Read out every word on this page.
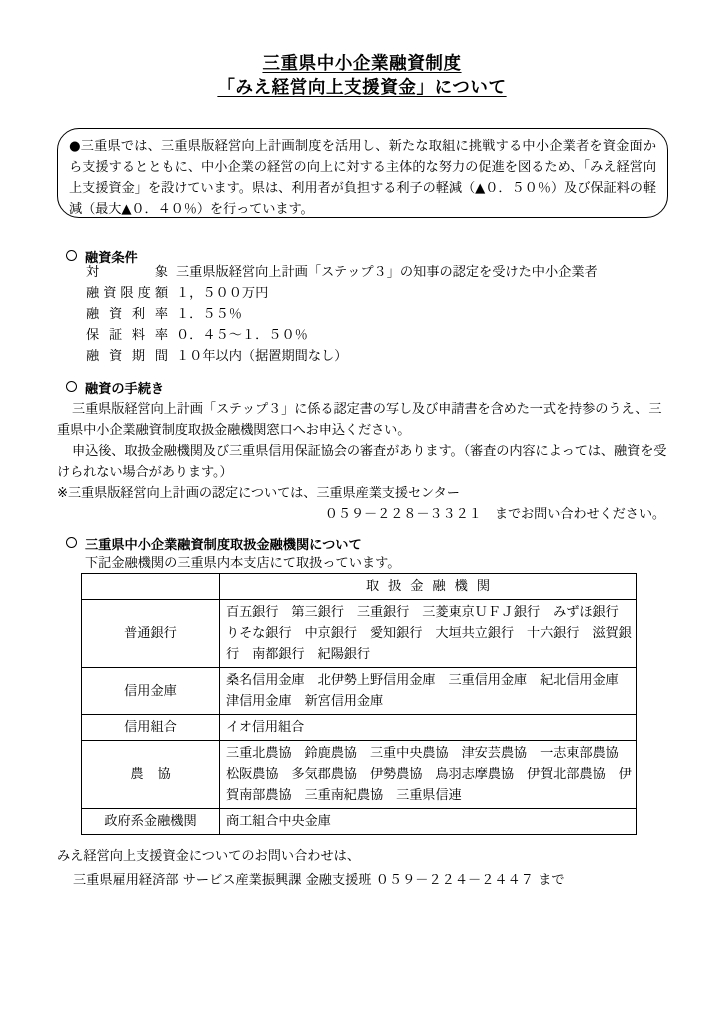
三重県中小企業融資制度
「みえ経営向上支援資金」について

●三重県では、三重県版経営向上計画制度を活用し、新たな取組に挑戦する中小企業者を資金面から支援するとともに、中小企業の経営の向上に対する主体的な努力の促進を図るため、「みえ経営向上支援資金」を設けています。県は、利用者が負担する利子の軽減（▲０．５０％）及び保証料の軽減（最大▲０．４０％）を行っています。

融資条件
対	象 三重県版経営向上計画「ステップ３」の知事の認定を受けた中小企業者
融 資 限 度 額 １，５００万円
融 資 利 率 １．５５％
保 証 料 率 ０．４５～１．５０％
融 資 期 間 １０年以内（据置期間なし）
融資の手続き

三重県版経営向上計画「ステップ３」に係る認定書の写し及び申請書を含めた一式を持参のうえ、三重県中小企業融資制度取扱金融機関窓口へお申込ください。

申込後、取扱金融機関及び三重県信用保証協会の審査があります。（審査の内容によっては、融資を受けられない場合があります。）

※三重県版経営向上計画の認定については、三重県産業支援センター

０５９－２２８－３３２１　までお問い合わせください。

三重県中小企業融資制度取扱金融機関について
下記金融機関の三重県内本支店にて取扱っています。
	取扱金融機関
普通銀行	百五銀行　第三銀行　三重銀行　三菱東京ＵＦＪ銀行　みずほ銀行　りそな銀行　中京銀行　愛知銀行　大垣共立銀行　十六銀行　滋賀銀行　南都銀行　紀陽銀行
信用金庫	桑名信用金庫　北伊勢上野信用金庫　三重信用金庫　紀北信用金庫　津信用金庫　新宮信用金庫
信用組合	イオ信用組合
農協	三重北農協　鈴鹿農協　三重中央農協　津安芸農協　一志東部農協　松阪農協　多気郡農協　伊勢農協　鳥羽志摩農協　伊賀北部農協　伊賀南部農協　三重南紀農協　三重県信連
政府系金融機関	商工組合中央金庫

みえ経営向上支援資金についてのお問い合わせは、

三重県雇用経済部 サービス産業振興課 金融支援班 ０５９－２２４－２４４７ まで
